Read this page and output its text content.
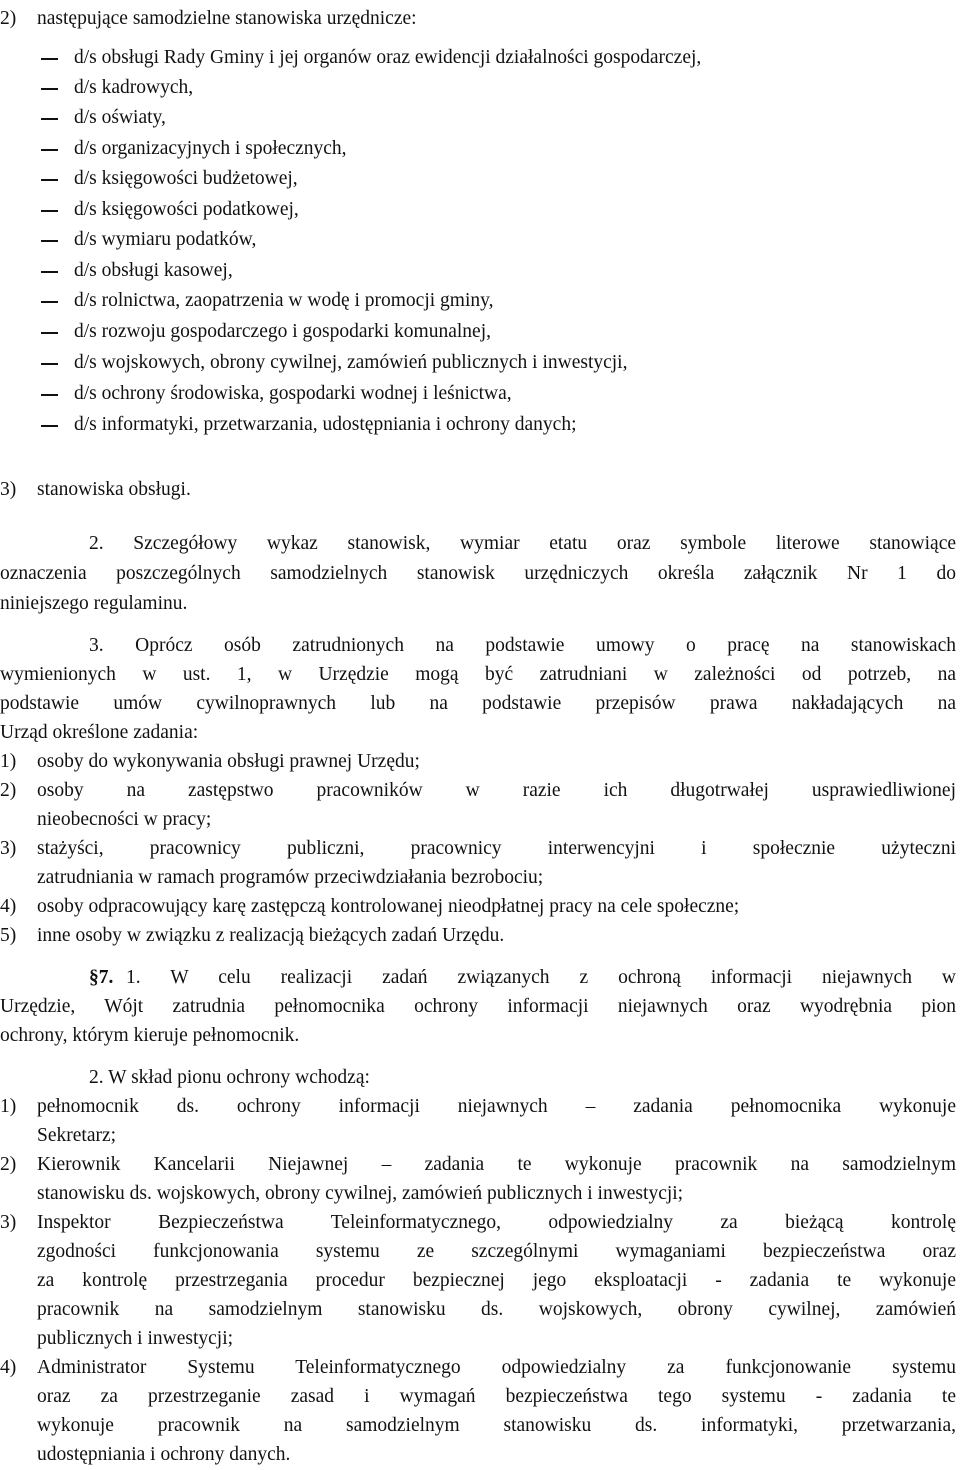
2) następujące samodzielne stanowiska urzędnicze:
d/s obsługi Rady Gminy i jej organów oraz ewidencji działalności gospodarczej,
d/s kadrowych,
d/s oświaty,
d/s organizacyjnych i społecznych,
d/s księgowości budżetowej,
d/s księgowości podatkowej,
d/s wymiaru podatków,
d/s obsługi kasowej,
d/s rolnictwa, zaopatrzenia w wodę i promocji gminy,
d/s rozwoju gospodarczego i gospodarki komunalnej,
d/s wojskowych, obrony cywilnej, zamówień publicznych i inwestycji,
d/s ochrony środowiska, gospodarki wodnej i leśnictwa,
d/s informatyki, przetwarzania, udostępniania i ochrony danych;
3) stanowiska obsługi.
2. Szczegółowy wykaz stanowisk, wymiar etatu oraz symbole literowe stanowiące
oznaczenia poszczególnych samodzielnych stanowisk urzędniczych określa załącznik Nr 1 do
niniejszego regulaminu.
3. Oprócz osób zatrudnionych na podstawie umowy o pracę na stanowiskach
wymienionych w ust. 1, w Urzędzie mogą być zatrudniani w zależności od potrzeb, na
podstawie umów cywilnoprawnych lub na podstawie przepisów prawa nakładających na
Urząd określone zadania:
1) osoby do wykonywania obsługi prawnej Urzędu;
2) osoby na zastępstwo pracowników w razie ich długotrwałej usprawiedliwionej
nieobecności w pracy;
3) stażyści, pracownicy publiczni, pracownicy interwencyjni i społecznie użyteczni
zatrudniania w ramach programów przeciwdziałania bezrobociu;
4) osoby odpracowujący karę zastępczą kontrolowanej nieodpłatnej pracy na cele społeczne;
5) inne osoby w związku z realizacją bieżących zadań Urzędu.
§7. 1. W celu realizacji zadań związanych z ochroną informacji niejawnych w
Urzędzie, Wójt zatrudnia pełnomocnika ochrony informacji niejawnych oraz wyodrębnia pion
ochrony, którym kieruje pełnomocnik.
2. W skład pionu ochrony wchodzą:
1) pełnomocnik ds. ochrony informacji niejawnych – zadania pełnomocnika wykonuje
Sekretarz;
2) Kierownik Kancelarii Niejawnej – zadania te wykonuje pracownik na samodzielnym
stanowisku ds. wojskowych, obrony cywilnej, zamówień publicznych i inwestycji;
3) Inspektor Bezpieczeństwa Teleinformatycznego, odpowiedzialny za bieżącą kontrolę
zgodności funkcjonowania systemu ze szczególnymi wymaganiami bezpieczeństwa oraz
za kontrolę przestrzegania procedur bezpiecznej jego eksploatacji - zadania te wykonuje
pracownik na samodzielnym stanowisku ds. wojskowych, obrony cywilnej, zamówień
publicznych i inwestycji;
4) Administrator Systemu Teleinformatycznego odpowiedzialny za funkcjonowanie systemu
oraz za przestrzeganie zasad i wymagań bezpieczeństwa tego systemu - zadania te
wykonuje pracownik na samodzielnym stanowisku ds. informatyki, przetwarzania,
udostępniania i ochrony danych.
